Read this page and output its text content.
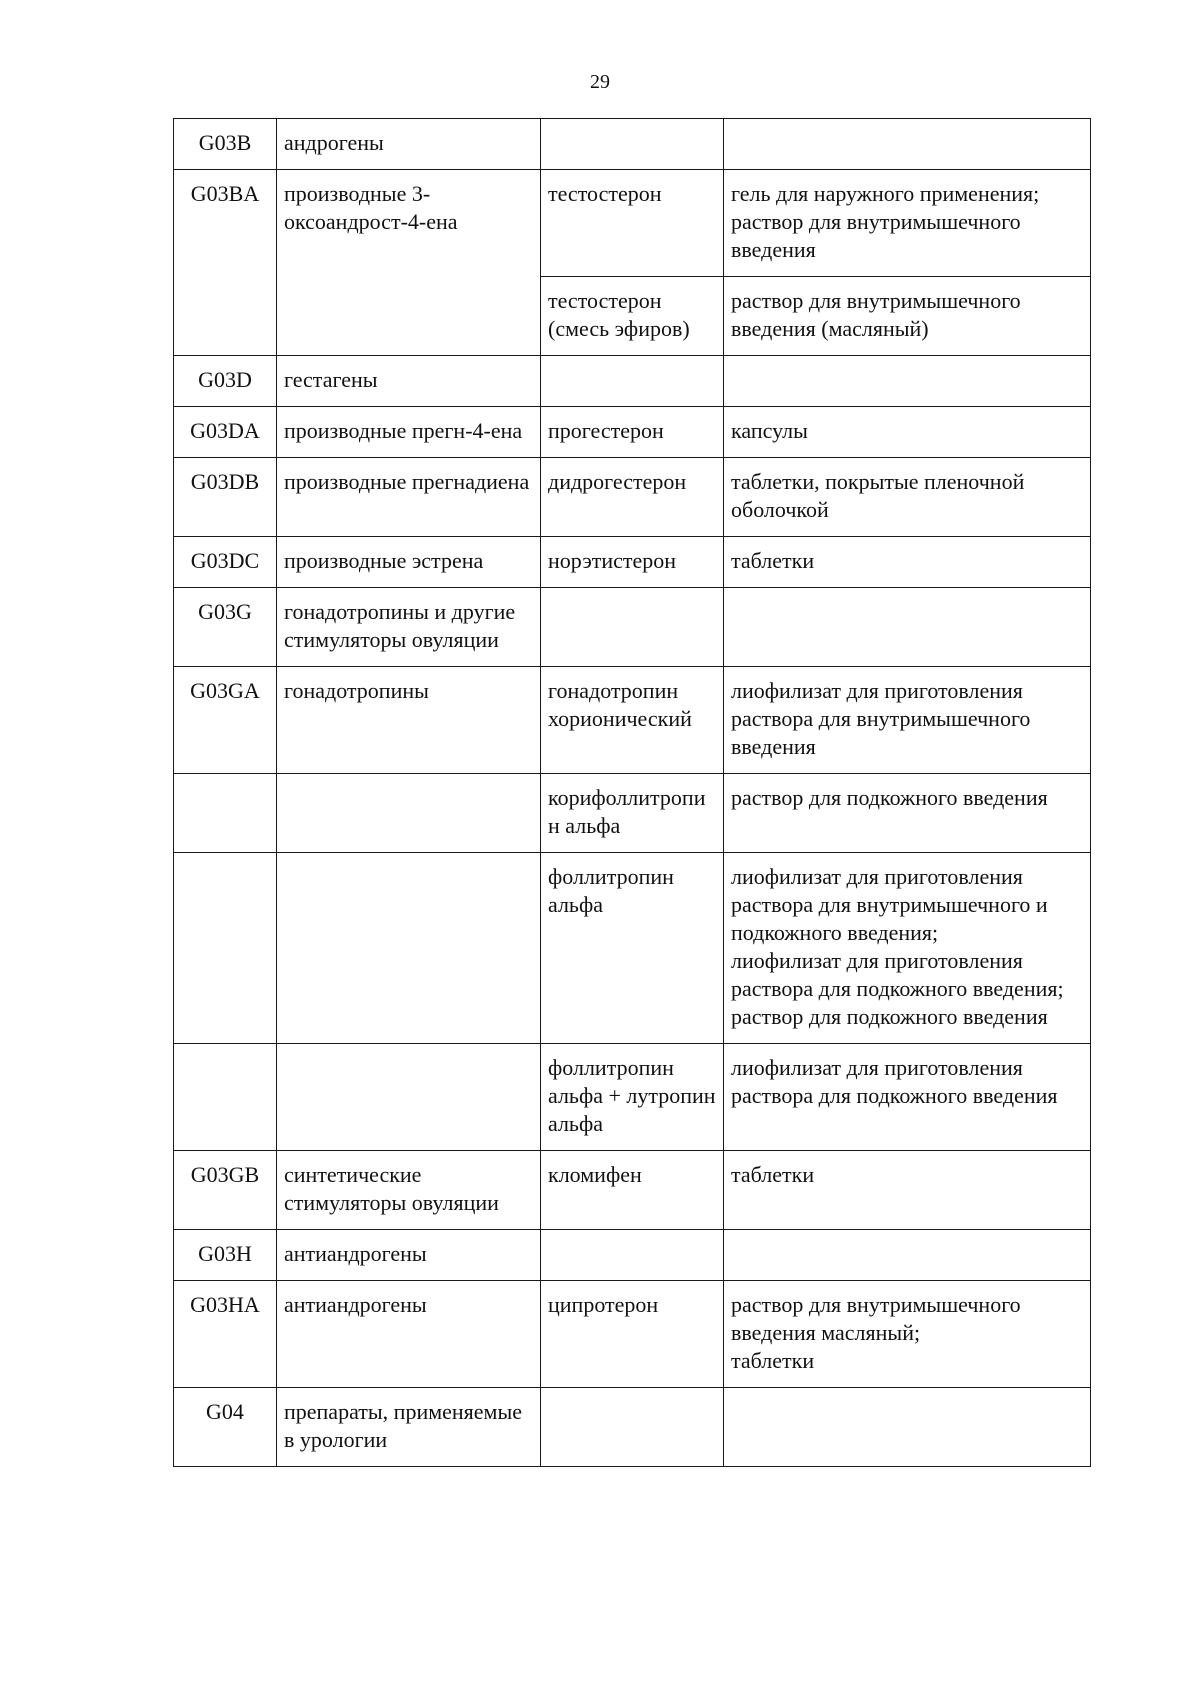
29
G03B	андрогены		
G03BA	производные 3-оксоандрост-4-ена	тестостерон	гель для наружного применения; раствор для внутримышечного введения
		тестостерон (смесь эфиров)	раствор для внутримышечного введения (масляный)
G03D	гестагены		
G03DA	производные прегн-4-ена	прогестерон	капсулы
G03DB	производные прегнадиена	дидрогестерон	таблетки, покрытые пленочной оболочкой
G03DC	производные эстрена	норэтистерон	таблетки
G03G	гонадотропины и другие стимуляторы овуляции		
G03GA	гонадотропины	гонадотропин хорионический	лиофилизат для приготовления раствора для внутримышечного введения
		корифоллитропин альфа	раствор для подкожного введения
		фоллитропин альфа	лиофилизат для приготовления раствора для внутримышечного и подкожного введения;
лиофилизат для приготовления раствора для подкожного введения;
раствор для подкожного введения

		фоллитропин альфа + лутропин альфа	лиофилизат для приготовления раствора для подкожного введения
G03GB	синтетические стимуляторы овуляции	кломифен	таблетки
G03H	антиандрогены		
G03HA	антиандрогены	ципротерон	раствор для внутримышечного введения масляный;
таблетки

G04	препараты, применяемые в урологии		
